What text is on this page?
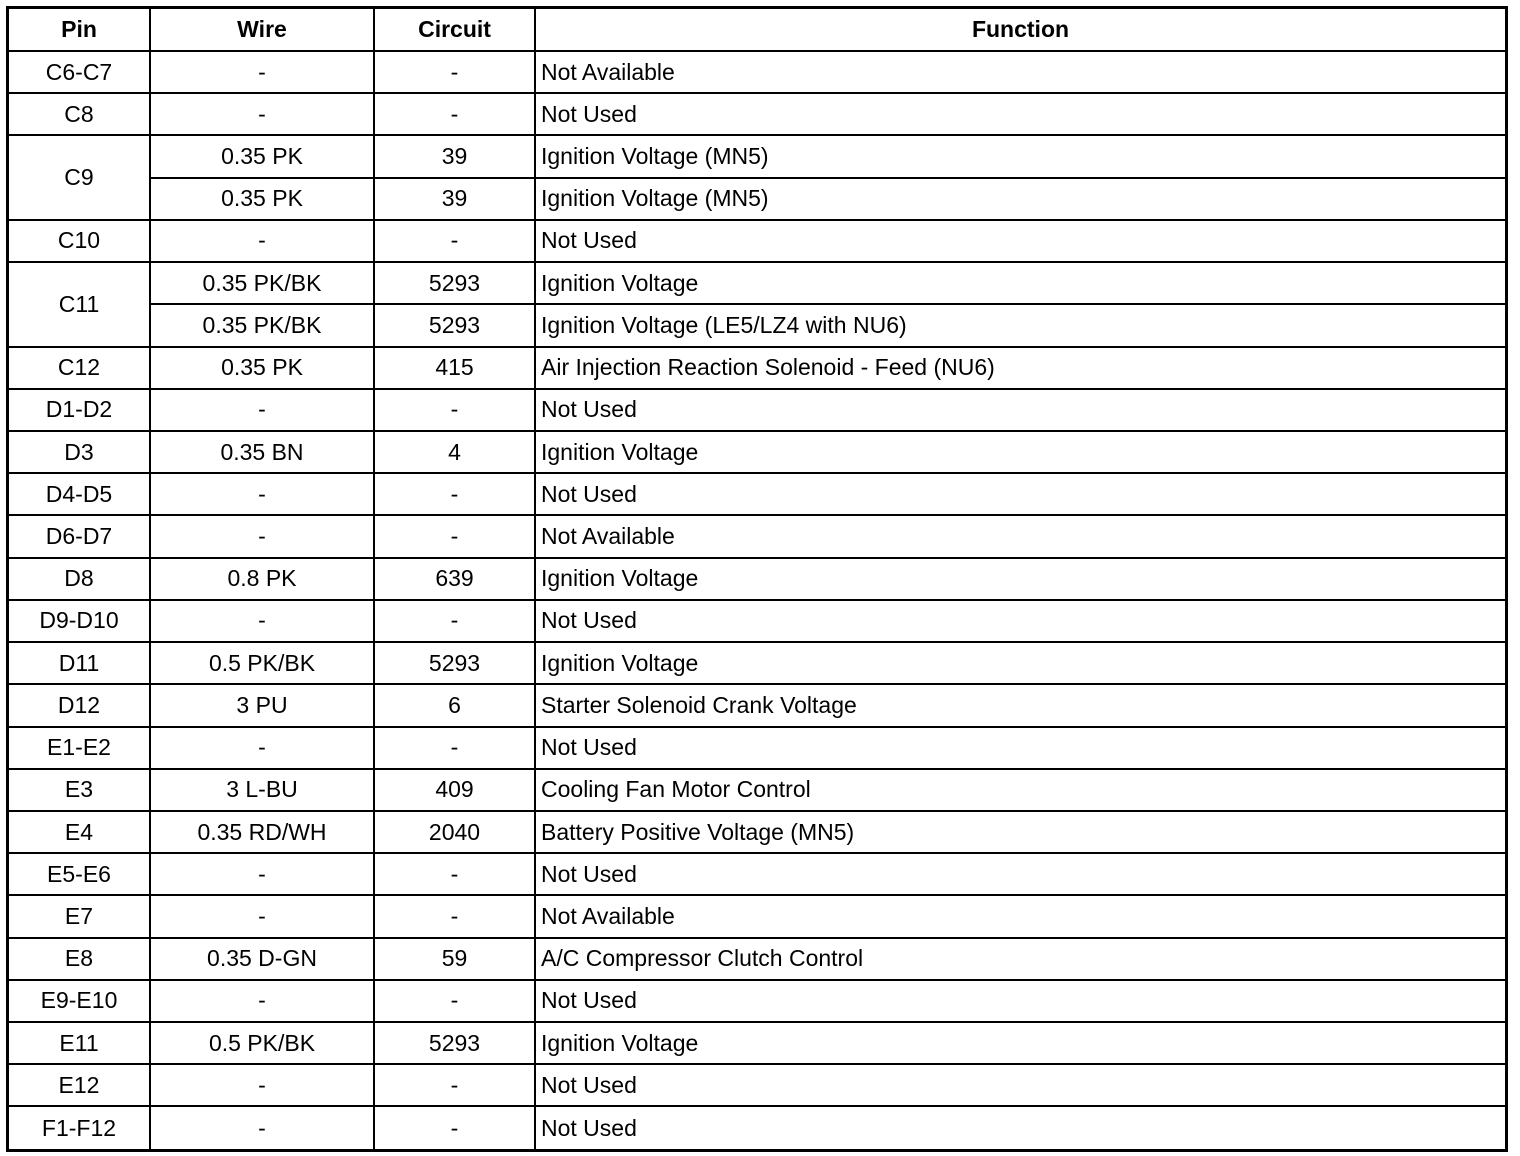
Pin	Wire	Circuit	Function
C6-C7	-	-	Not Available
C8	-	-	Not Used
C9	0.35 PK	39	Ignition Voltage (MN5)
	0.35 PK	39	Ignition Voltage (MN5)
C10	-	-	Not Used
C11	0.35 PK/BK	5293	Ignition Voltage
	0.35 PK/BK	5293	Ignition Voltage (LE5/LZ4 with NU6)
C12	0.35 PK	415	Air Injection Reaction Solenoid - Feed (NU6)
D1-D2	-	-	Not Used
D3	0.35 BN	4	Ignition Voltage
D4-D5	-	-	Not Used
D6-D7	-	-	Not Available
D8	0.8 PK	639	Ignition Voltage
D9-D10	-	-	Not Used
D11	0.5 PK/BK	5293	Ignition Voltage
D12	3 PU	6	Starter Solenoid Crank Voltage
E1-E2	-	-	Not Used
E3	3 L-BU	409	Cooling Fan Motor Control
E4	0.35 RD/WH	2040	Battery Positive Voltage (MN5)
E5-E6	-	-	Not Used
E7	-	-	Not Available
E8	0.35 D-GN	59	A/C Compressor Clutch Control
E9-E10	-	-	Not Used
E11	0.5 PK/BK	5293	Ignition Voltage
E12	-	-	Not Used
F1-F12	-	-	Not Used
